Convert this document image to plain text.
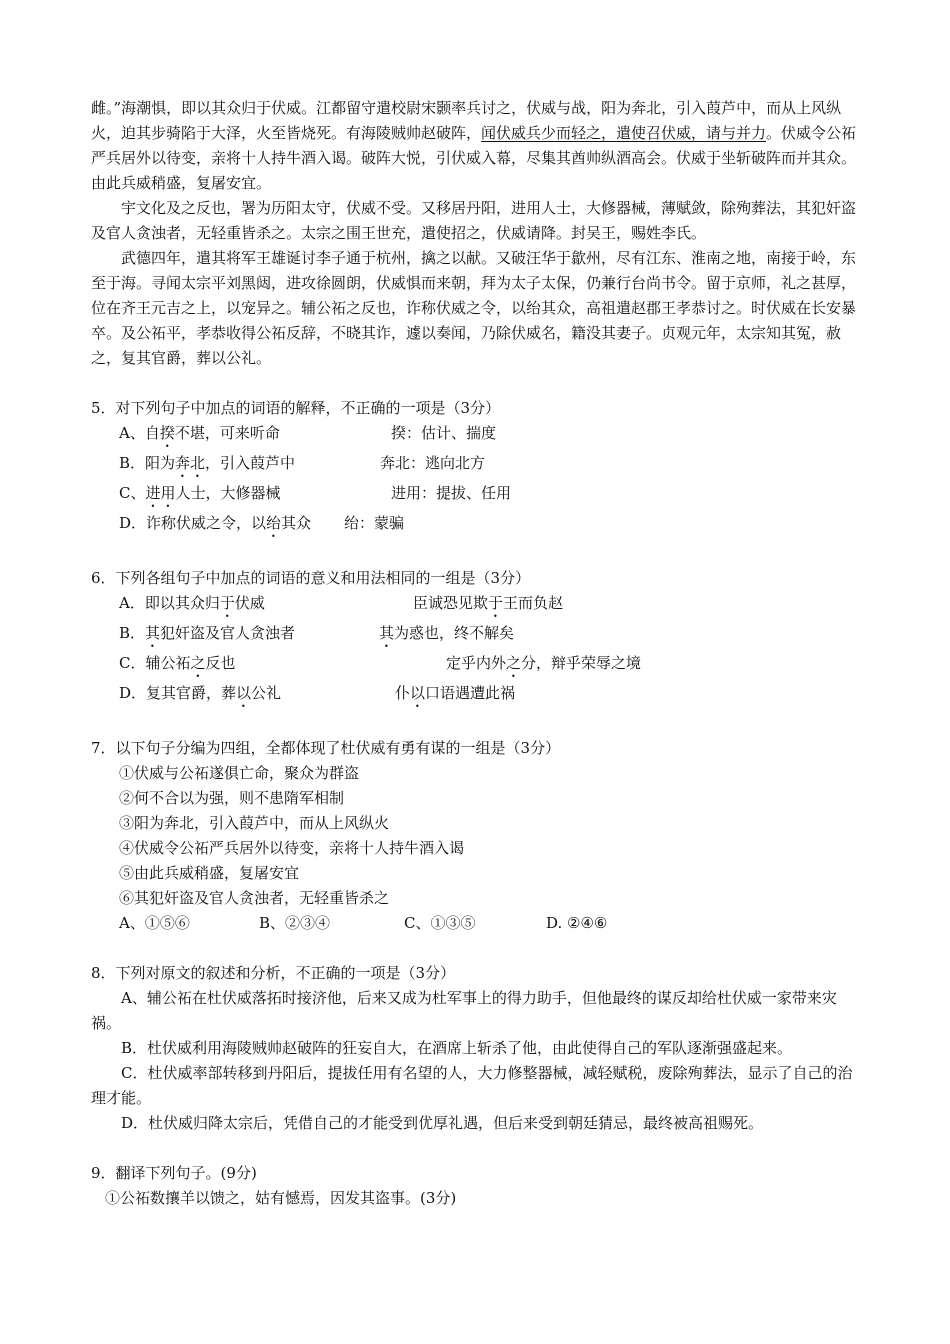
雌。”海潮惧，即以其众归于伏威。江都留守遣校尉宋颢率兵讨之，伏威与战，阳为奔北，引入葭芦中，而从上风纵火，迫其步骑陷于大泽，火至皆烧死。有海陵贼帅赵破阵，闻伏威兵少而轻之，遣使召伏威，请与并力。伏威令公祏严兵居外以待变，亲将十人持牛酒入谒。破阵大悦，引伏威入幕，尽集其酋帅纵酒高会。伏威于坐斩破阵而并其众。由此兵威稍盛，复屠安宜。

宇文化及之反也，署为历阳太守，伏威不受。又移居丹阳，进用人士，大修器械，薄赋敛，除殉葬法，其犯奸盗及官人贪浊者，无轻重皆杀之。太宗之围王世充，遣使招之，伏威请降。封吴王，赐姓李氏。

武德四年，遣其将军王雄诞讨李子通于杭州，擒之以献。又破汪华于歙州，尽有江东、淮南之地，南接于岭，东至于海。寻闻太宗平刘黑闼，进攻徐圆朗，伏威惧而来朝，拜为太子太保，仍兼行台尚书令。留于京师，礼之甚厚，位在齐王元吉之上，以宠异之。辅公祏之反也，诈称伏威之令，以绐其众，高祖遣赵郡王孝恭讨之。时伏威在长安暴卒。及公祏平，孝恭收得公祏反辞，不晓其诈，遽以奏闻，乃除伏威名，籍没其妻子。贞观元年，太宗知其冤，赦之，复其官爵，葬以公礼。

5．对下列句子中加点的词语的解释，不正确的一项是（3分）

A、自揆不堪，可来听命	揆：估计、揣度

B．阳为奔北，引入葭芦中	奔北：逃向北方

C、进用人士，大修器械	进用：提拔、任用

D．诈称伏威之令，以绐其众 绐：蒙骗

6．下列各组句子中加点的词语的意义和用法相同的一组是（3分）

A．即以其众归于伏威	臣诚恐见欺于王而负赵

B．其犯奸盗及官人贪浊者	其为惑也，终不解矣

C．辅公祏之反也	定乎内外之分，辩乎荣辱之境

D．复其官爵，葬以公礼	仆以口语遇遭此祸

7．以下句子分编为四组，全都体现了杜伏威有勇有谋的一组是（3分）

①伏威与公祏遂俱亡命，聚众为群盗

②何不合以为强，则不患隋军相制

③阳为奔北，引入葭芦中，而从上风纵火

④伏威令公祏严兵居外以待变，亲将十人持牛酒入谒

⑤由此兵威稍盛，复屠安宜

⑥其犯奸盗及官人贪浊者，无轻重皆杀之

A、①⑤⑥	B、②③④	C、①③⑤	D. ②④⑥

8．下列对原文的叙述和分析，不正确的一项是（3分）

A、辅公祏在杜伏威落拓时接济他，后来又成为杜军事上的得力助手，但他最终的谋反却给杜伏威一家带来灾祸。

B．杜伏威利用海陵贼帅赵破阵的狂妄自大，在酒席上斩杀了他，由此使得自己的军队逐渐强盛起来。

C．杜伏威率部转移到丹阳后，提拔任用有名望的人，大力修整器械，减轻赋税，废除殉葬法，显示了自己的治理才能。

D．杜伏威归降太宗后，凭借自己的才能受到优厚礼遇，但后来受到朝廷猜忌，最终被高祖赐死。

9．翻译下列句子。(9分)

①公祏数攘羊以馈之，姑有憾焉，因发其盗事。(3分)
